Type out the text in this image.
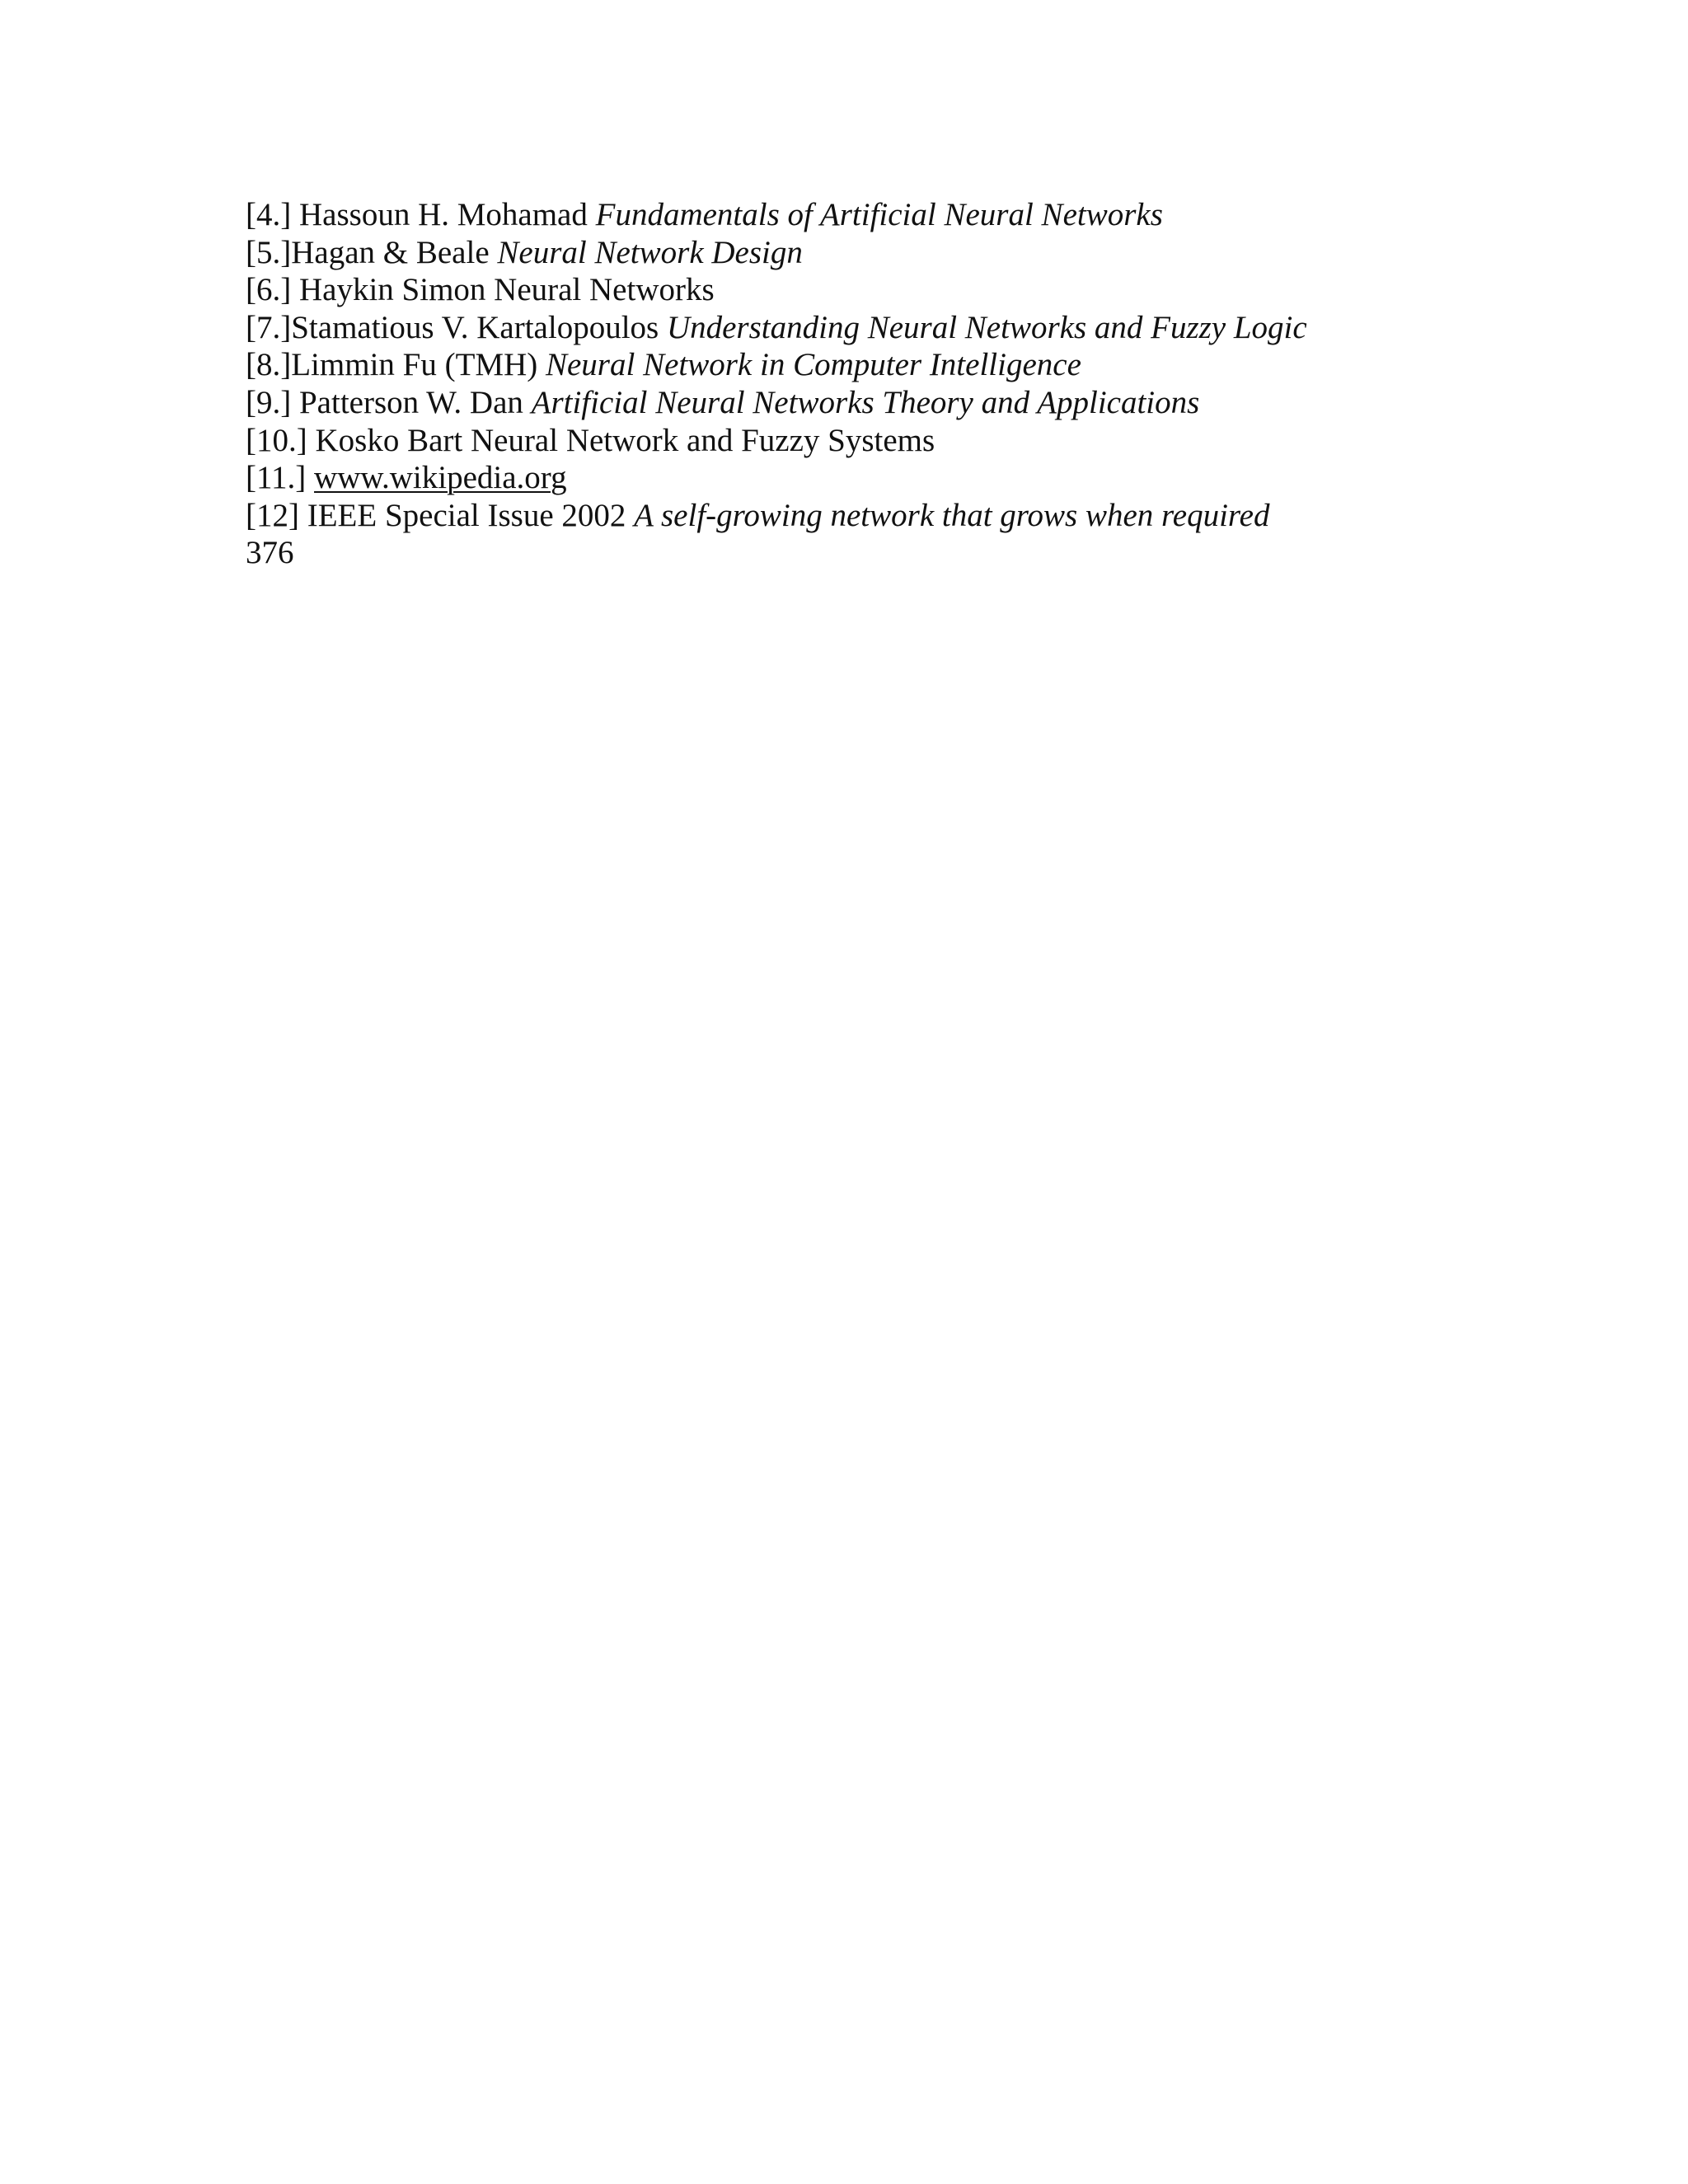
[4.] Hassoun H. Mohamad Fundamentals of Artificial Neural Networks
[5.]Hagan & Beale Neural Network Design
[6.] Haykin Simon Neural Networks
[7.]Stamatious V. Kartalopoulos Understanding Neural Networks and Fuzzy Logic
[8.]Limmin Fu (TMH) Neural Network in Computer Intelligence
[9.] Patterson W. Dan Artificial Neural Networks Theory and Applications
[10.] Kosko Bart Neural Network and Fuzzy Systems
[11.] www.wikipedia.org
[12] IEEE Special Issue 2002 A self-growing network that grows when required
376
